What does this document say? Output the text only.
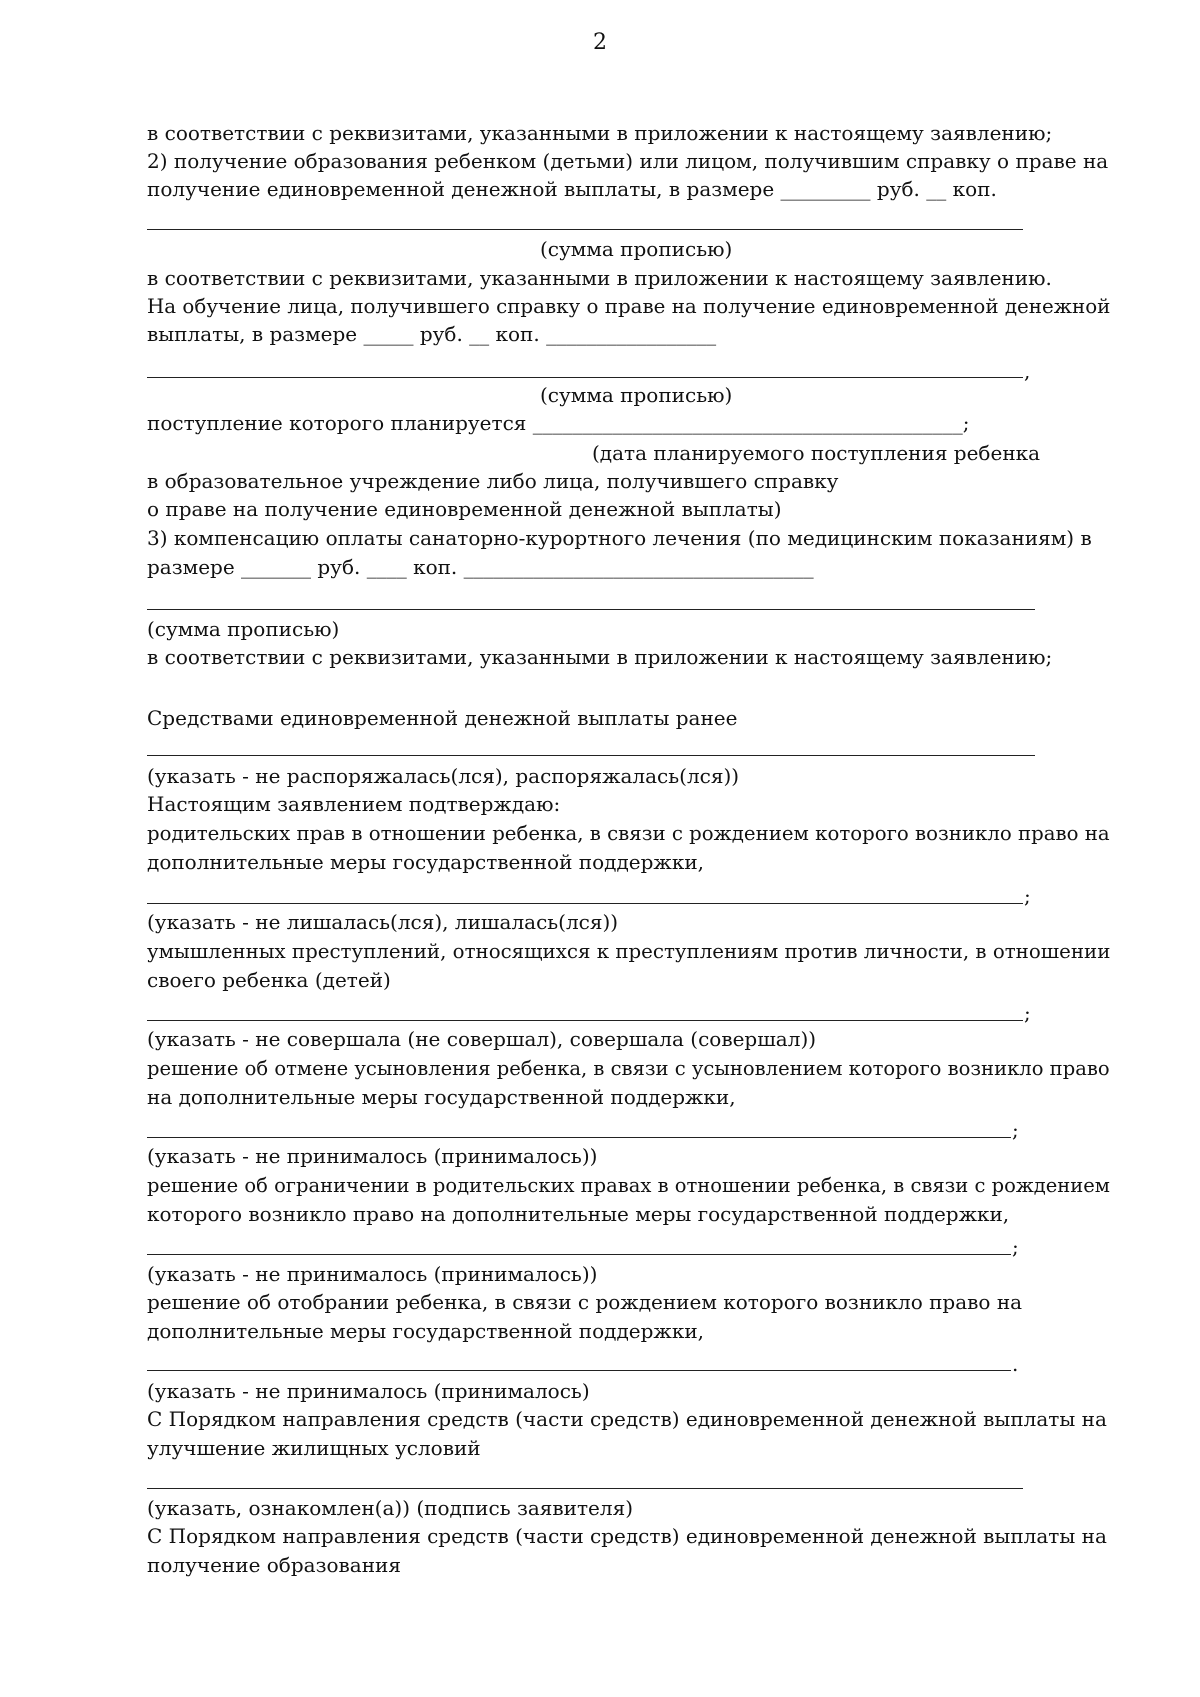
2
в соответствии с реквизитами, указанными в приложении к настоящему заявлению;
2) получение образования ребенком (детьми) или лицом, получившим справку о праве на
получение единовременной денежной выплаты, в размере _________ руб. __ коп.
(сумма прописью)
в соответствии с реквизитами, указанными в приложении к настоящему заявлению.
На обучение лица, получившего справку о праве на получение единовременной денежной
выплаты, в размере _____ руб. __ коп. _________________
,
(сумма прописью)
поступление которого планируется ___________________________________________;
(дата планируемого поступления ребенка
в образовательное учреждение либо лица, получившего справку
о праве на получение единовременной денежной выплаты)
3) компенсацию оплаты санаторно-курортного лечения (по медицинским показаниям) в
размере _______ руб. ____ коп. ___________________________________
(сумма прописью)
в соответствии с реквизитами, указанными в приложении к настоящему заявлению;
Средствами единовременной денежной выплаты ранее
(указать - не распоряжалась(лся), распоряжалась(лся))
Настоящим заявлением подтверждаю:
родительских прав в отношении ребенка, в связи с рождением которого возникло право на
дополнительные меры государственной поддержки,
;
(указать - не лишалась(лся), лишалась(лся))
умышленных преступлений, относящихся к преступлениям против личности, в отношении
своего ребенка (детей)
;
(указать - не совершала (не совершал), совершала (совершал))
решение об отмене усыновления ребенка, в связи с усыновлением которого возникло право
на дополнительные меры государственной поддержки,
;
(указать - не принималось (принималось))
решение об ограничении в родительских правах в отношении ребенка, в связи с рождением
которого возникло право на дополнительные меры государственной поддержки,
;
(указать - не принималось (принималось))
решение об отобрании ребенка, в связи с рождением которого возникло право на
дополнительные меры государственной поддержки,
.
(указать - не принималось (принималось)
С Порядком направления средств (части средств) единовременной денежной выплаты на
улучшение жилищных условий
(указать, ознакомлен(а)) (подпись заявителя)
С Порядком направления средств (части средств) единовременной денежной выплаты на
получение образования
